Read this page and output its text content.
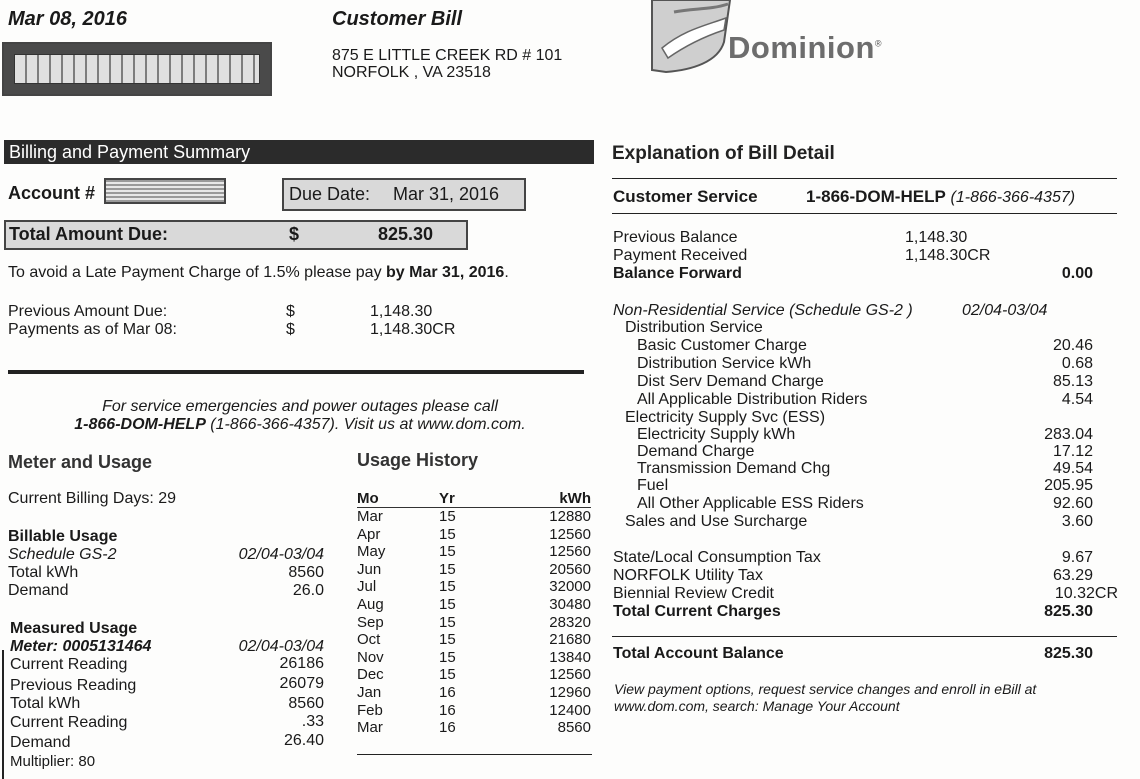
Mar 08, 2016	Customer Bill
875 E LITTLE CREEK RD # 101
NORFOLK , VA 23518
Dominion®
Billing and Payment Summary
Account #	Due Date: Mar 31, 2016
Total Amount Due:	$	825.30
To avoid a Late Payment Charge of 1.5% please pay by Mar 31, 2016.
Previous Amount Due:	$	1,148.30
Payments as of Mar 08:	$	1,148.30CR
For service emergencies and power outages please call
1-866-DOM-HELP (1-866-366-4357). Visit us at www.dom.com.
Meter and Usage
Current Billing Days: 29
Billable Usage
Schedule GS-2	02/04-03/04
Total kWh	8560
Demand	26.0
Measured Usage
Meter: 0005131464	02/04-03/04
Current Reading	26186
Previous Reading	26079
Total kWh	8560
Current Reading	.33
Demand	26.40
Multiplier: 80
Usage History
Mo	Yr	kWh
Mar	15	12880
Apr	15	12560
May	15	12560
Jun	15	20560
Jul	15	32000
Aug	15	30480
Sep	15	28320
Oct	15	21680
Nov	15	13840
Dec	15	12560
Jan	16	12960
Feb	16	12400
Mar	16	8560
Explanation of Bill Detail
Customer Service	1-866-DOM-HELP (1-866-366-4357)
Previous Balance	1,148.30
Payment Received	1,148.30CR
Balance Forward	0.00
Non-Residential Service (Schedule GS-2 )	02/04-03/04
Distribution Service
Basic Customer Charge	20.46
Distribution Service kWh	0.68
Dist Serv Demand Charge	85.13
All Applicable Distribution Riders	4.54
Electricity Supply Svc (ESS)
Electricity Supply kWh	283.04
Demand Charge	17.12
Transmission Demand Chg	49.54
Fuel	205.95
All Other Applicable ESS Riders	92.60
Sales and Use Surcharge	3.60
State/Local Consumption Tax	9.67
NORFOLK Utility Tax	63.29
Biennial Review Credit	10.32CR
Total Current Charges	825.30
Total Account Balance	825.30
View payment options, request service changes and enroll in eBill at
www.dom.com, search: Manage Your Account
